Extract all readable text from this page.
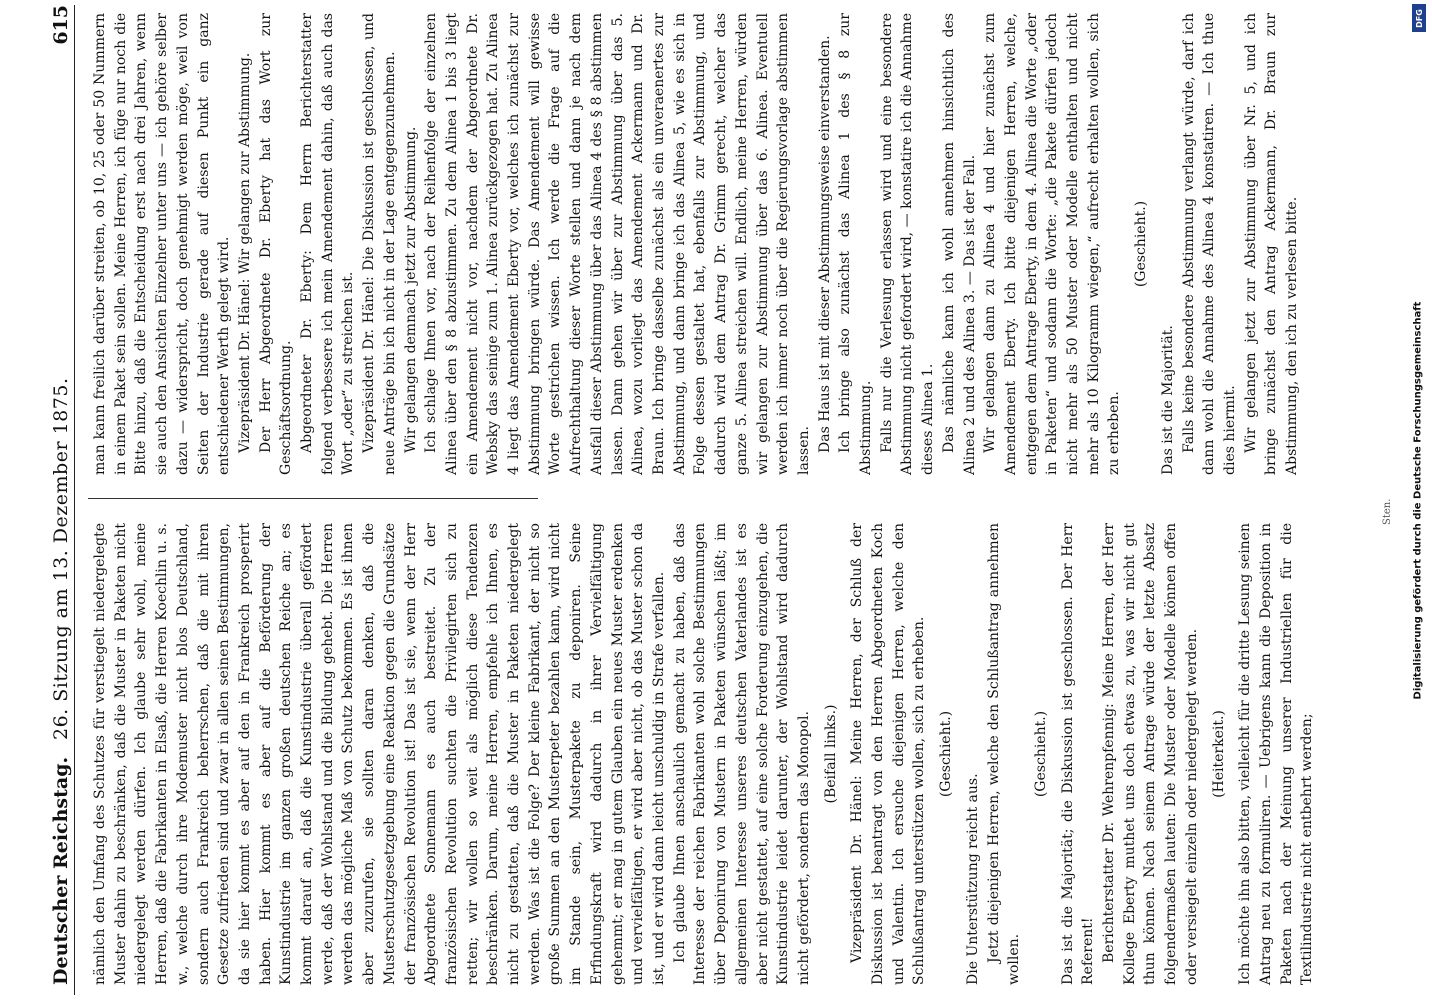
Deutscher Reichstag.
26. Sitzung am 13. Dezember 1875.
615

nämlich den Umfang des Schutzes für verstiegelt niedergelegte Muster dahin zu beschränken, daß die Muster in Paketen nicht niedergelegt werden dürfen. Ich glaube sehr wohl, meine Herren, daß die Fabrikanten in Elsaß, die Herren Koechlin u. s. w., welche durch ihre Modemuster nicht blos Deutschland, sondern auch Frankreich beherrschen, daß die mit ihren Gesetze zufrieden sind und zwar in allen seinen Bestimmungen, da sie hier kommt es aber auf den in Frankreich prosperirt haben. Hier kommt es aber auf die Beförderung der Kunstindustrie im ganzen großen deutschen Reiche an; es kommt darauf an, daß die Kunstindustrie überall gefördert werde, daß der Wohlstand und die Bildung gehebt. Die Herren werden das mögliche Maß von Schutz bekommen. Es ist ihnen aber zuzurufen, sie sollten daran denken, daß die Musterschutzgesetzgebung eine Reaktion gegen die Grundsätze der französischen Revolution ist! Das ist sie, wenn der Herr Abgeordnete Sonnemann es auch bestreitet. Zu der französischen Revolution suchten die Privilegirten sich zu retten; wir wollen so weit als möglich diese Tendenzen beschränken. Darum, meine Herren, empfehle ich Ihnen, es nicht zu gestatten, daß die Muster in Paketen niedergelegt werden. Was ist die Folge? Der kleine Fabrikant, der nicht so große Summen an den Musterpeter bezahlen kann, wird nicht im Stande sein, Musterpakete zu deponiren. Seine Erfindungskraft wird dadurch in ihrer Vervielfältigung gehemmt; er mag in gutem Glauben ein neues Muster erdenken und vervielfältigen, er wird aber nicht, ob das Muster schon da ist, und er wird dann leicht unschuldig in Strafe verfallen. Ich glaube Ihnen anschaulich gemacht zu haben, daß das Interesse der reichen Fabrikanten wohl solche Bestimmungen über Deponirung von Mustern in Paketen wünschen läßt; im allgemeinen Interesse unseres deutschen Vaterlandes ist es aber nicht gestattet, auf eine solche Forderung einzugehen, die Kunstindustrie leidet darunter, der Wohlstand wird dadurch nicht gefördert, sondern das Monopol. (Beifall links.) Vizepräsident Dr. Hänel: Meine Herren, der Schluß der Diskussion ist beantragt von den Herren Abgeordneten Koch und Valentin. Ich ersuche diejenigen Herren, welche den Schlußantrag unterstützen wollen, sich zu erheben. (Geschieht.)

Die Unterstützung reicht aus. Jetzt diejenigen Herren, welche den Schlußantrag annehmen wollen.

(Geschieht.) Das ist die Majorität; die Diskussion ist geschlossen. Der Herr Referent! Berichterstatter Dr. Wehrenpfennig: Meine Herren, der Herr Kollege Eberty muthet uns doch etwas zu, was wir nicht gut thun können. Nach seinem Antrage würde der letzte Absatz folgendermaßen lauten: Die Muster oder Modelle können offen oder versiegelt einzeln oder niedergelegt werden. (Heiterkeit.) Ich möchte ihn also bitten, vielleicht für die dritte Lesung seinen Antrag neu zu formuliren. — Uebrigens kann die Deposition in Paketen nach der Meinung unserer Industriellen für die Textilindustrie nicht entbehrt werden;

man kann freilich darüber streiten, ob 10, 25 oder 50 Nummern in einem Paket sein sollen. Meine Herren, ich füge nur noch die Bitte hinzu, daß die Entscheidung erst nach drei Jahren, wenn sie auch den Ansichten Einzelner unter uns — ich gehöre selber dazu — widerspricht, doch genehmigt werden möge, weil von Seiten der Industrie gerade auf diesen Punkt ein ganz entschiedener Werth gelegt wird. Vizepräsident Dr. Hänel: Wir gelangen zur Abstimmung. Der Herr Abgeordnete Dr. Eberty hat das Wort zur Geschäftsordnung. Abgeordneter Dr. Eberty: Dem Herrn Berichterstatter folgend verbessere ich mein Amendement dahin, daß auch das Wort „oder“ zu streichen ist. Vizepräsident Dr. Hänel: Die Diskussion ist geschlossen, und neue Anträge bin ich nicht in der Lage entgegenzunehmen. Wir gelangen demnach jetzt zur Abstimmung. Ich schlage Ihnen vor, nach der Reihenfolge der einzelnen Alinea über den § 8 abzustimmen. Zu dem Alinea 1 bis 3 liegt ein Amendement nicht vor, nachdem der Abgeordnete Dr. Websky das seinige zum 1. Alinea zurückgezogen hat. Zu Alinea 4 liegt das Amendement Eberty vor, welches ich zunächst zur Abstimmung bringen würde. Das Amendement will gewisse Worte gestrichen wissen. Ich werde die Frage auf die Aufrechthaltung dieser Worte stellen und dann je nach dem Ausfall dieser Abstimmung über das Alinea 4 des § 8 abstimmen lassen. Dann gehen wir über zur Abstimmung über das 5. Alinea, wozu vorliegt das Amendement Ackermann und Dr. Braun. Ich bringe dasselbe zunächst als ein unveraenertes zur Abstimmung, und dann bringe ich das Alinea 5, wie es sich in Folge dessen gestaltet hat, ebenfalls zur Abstimmung, und dadurch wird dem Antrag Dr. Grimm gerecht, welcher das ganze 5. Alinea streichen will. Endlich, meine Herren, würden wir gelangen zur Abstimmung über das 6. Alinea. Eventuell werden ich immer noch über die Regierungsvorlage abstimmen lassen. Das Haus ist mit dieser Abstimmungsweise einverstanden. Ich bringe also zunächst das Alinea 1 des § 8 zur Abstimmung. Falls nur die Verlesung erlassen wird und eine besondere Abstimmung nicht gefordert wird, — konstatire ich die Annahme dieses Alinea 1. Das nämliche kann ich wohl annehmen hinsichtlich des Alinea 2 und des Alinea 3. — Das ist der Fall. Wir gelangen dann zu Alinea 4 und hier zunächst zum Amendement Eberty. Ich bitte diejenigen Herren, welche, entgegen dem Antrage Eberty, in dem 4. Alinea die Worte „oder in Paketen“ und sodann die Worte: „die Pakete dürfen jedoch nicht mehr als 50 Muster oder Modelle enthalten und nicht mehr als 10 Kilogramm wiegen,“ aufrecht erhalten wollen, sich zu erheben.

(Geschieht.)

Das ist die Majorität. Falls keine besondere Abstimmung verlangt würde, darf ich dann wohl die Annahme des Alinea 4 konstatiren. — Ich thue dies hiermit. Wir gelangen jetzt zur Abstimmung über Nr. 5, und ich bringe zunächst den Antrag Ackermann, Dr. Braun zur Abstimmung, den ich zu verlesen bitte.

Sten.
DFG
Digitalisierung gefördert durch die Deutsche Forschungsgemeinschaft
